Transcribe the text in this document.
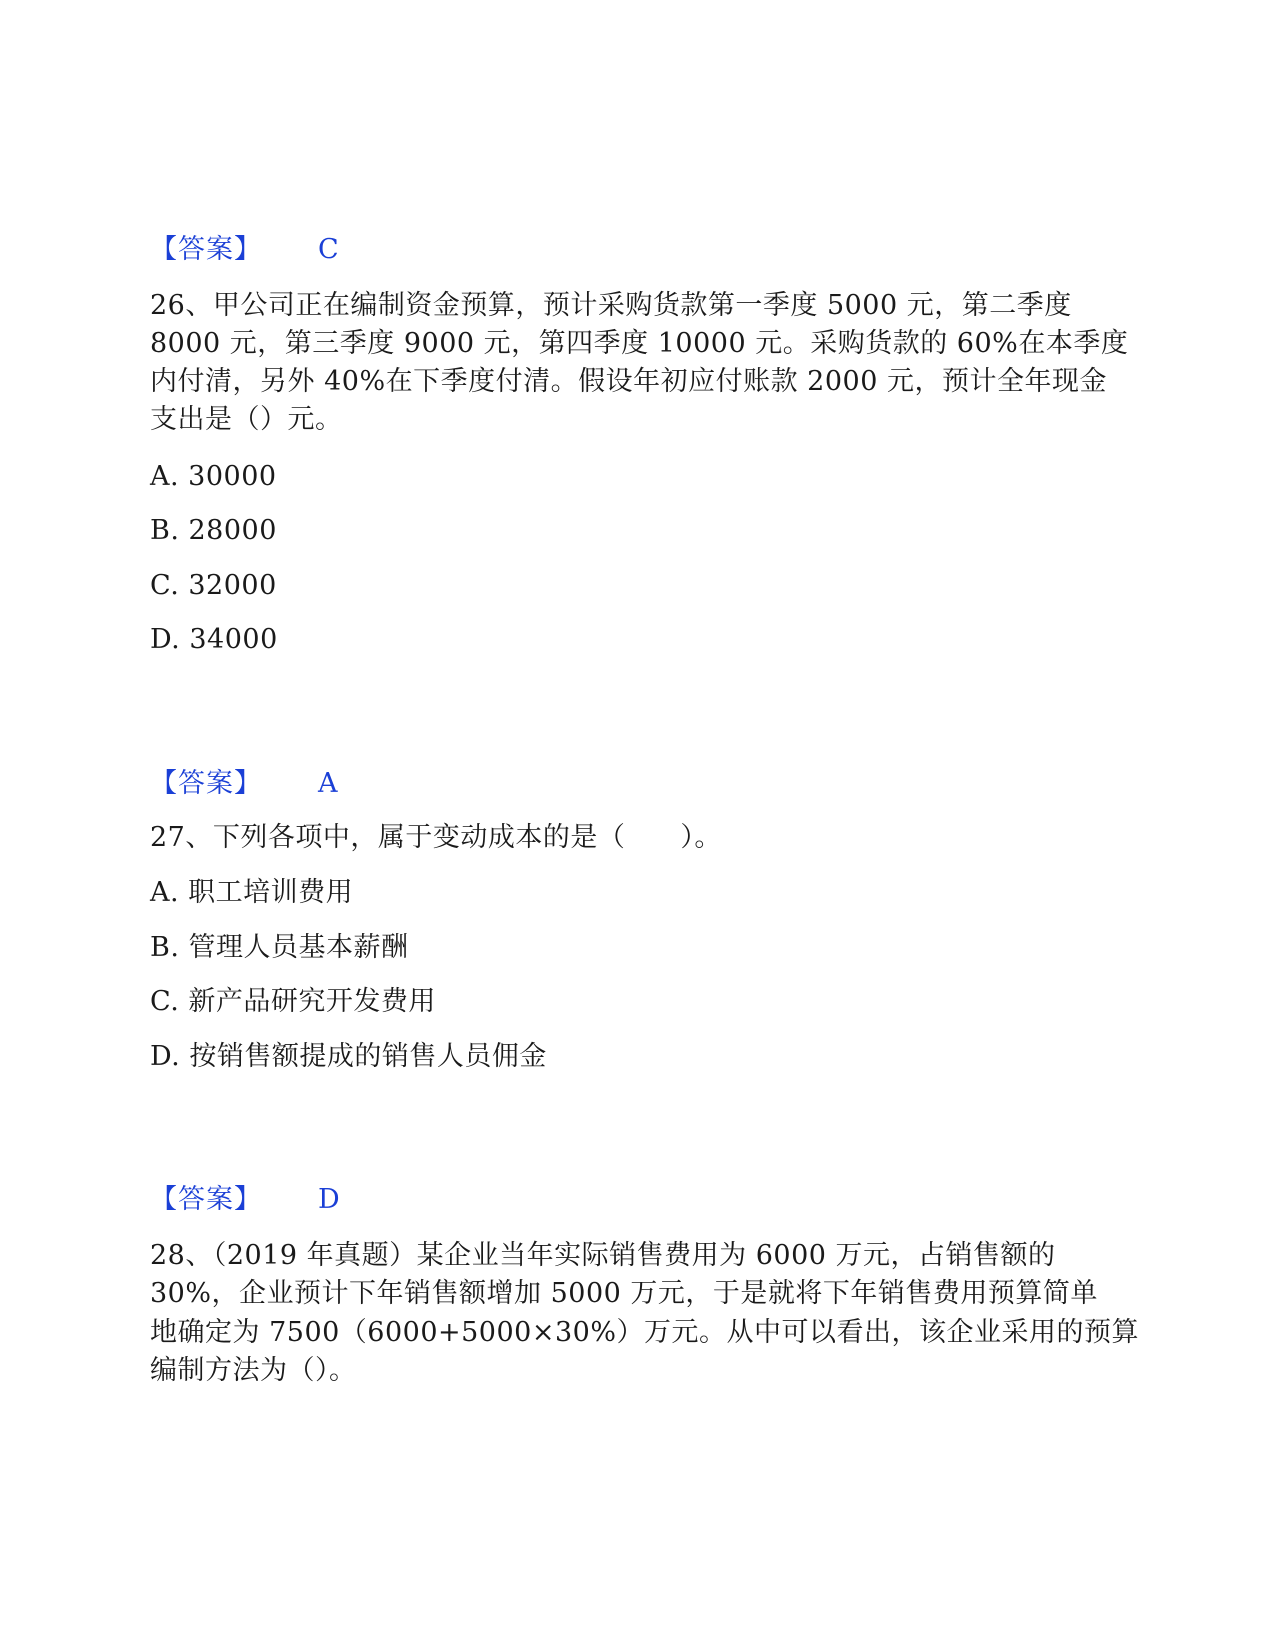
【答案】 C
26、甲公司正在编制资金预算，预计采购货款第一季度 5000 元，第二季度
8000 元，第三季度 9000 元，第四季度 10000 元。采购货款的 60%在本季度
内付清，另外 40%在下季度付清。假设年初应付账款 2000 元，预计全年现金
支出是（）元。
A. 30000
B. 28000
C. 32000
D. 34000
【答案】 A
27、下列各项中，属于变动成本的是（　　）。
A. 职工培训费用
B. 管理人员基本薪酬
C. 新产品研究开发费用
D. 按销售额提成的销售人员佣金
【答案】 D
28、（2019 年真题）某企业当年实际销售费用为 6000 万元，占销售额的
30%，企业预计下年销售额增加 5000 万元，于是就将下年销售费用预算简单
地确定为 7500（6000+5000×30%）万元。从中可以看出，该企业采用的预算
编制方法为（）。
